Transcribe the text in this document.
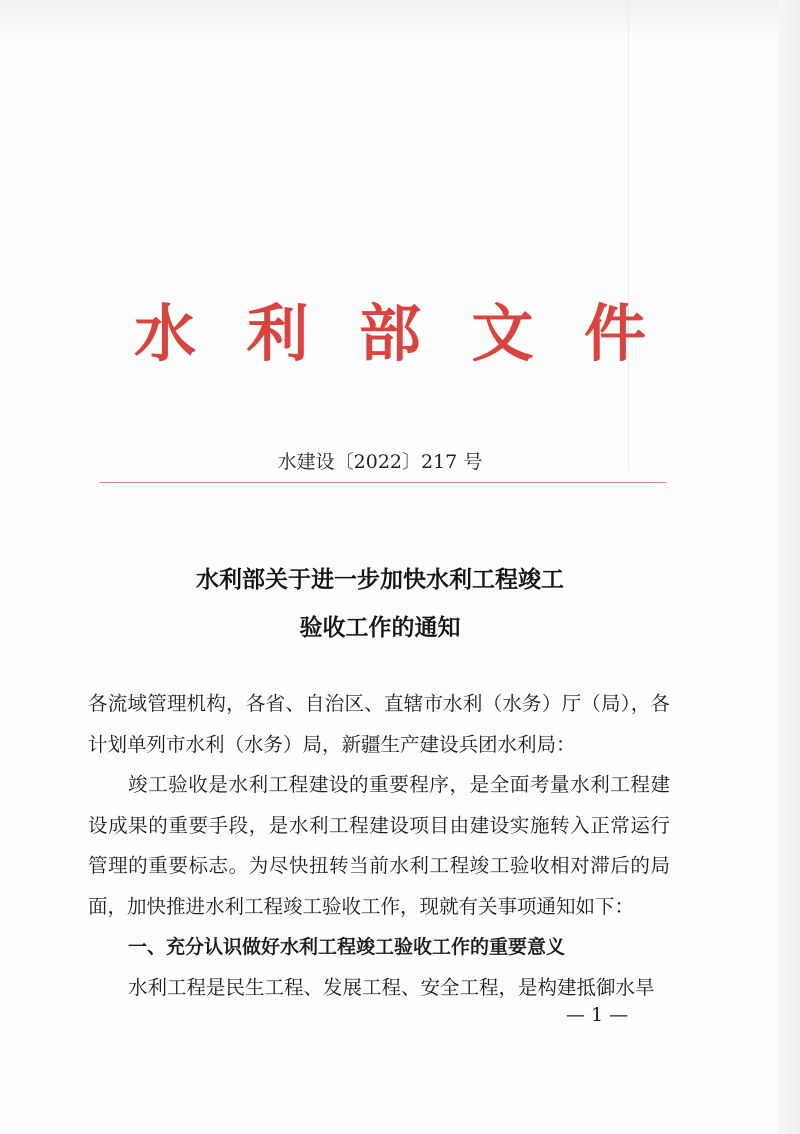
水 利 部 文 件
水建设〔2022〕217 号
水利部关于进一步加快水利工程竣工
验收工作的通知

各流域管理机构，各省、自治区、直辖市水利（水务）厅（局），各计划单列市水利（水务）局，新疆生产建设兵团水利局：

竣工验收是水利工程建设的重要程序，是全面考量水利工程建设成果的重要手段，是水利工程建设项目由建设实施转入正常运行管理的重要标志。为尽快扭转当前水利工程竣工验收相对滞后的局面，加快推进水利工程竣工验收工作，现就有关事项通知如下：

一、充分认识做好水利工程竣工验收工作的重要意义

水利工程是民生工程、发展工程、安全工程，是构建抵御水旱

— 1 —
